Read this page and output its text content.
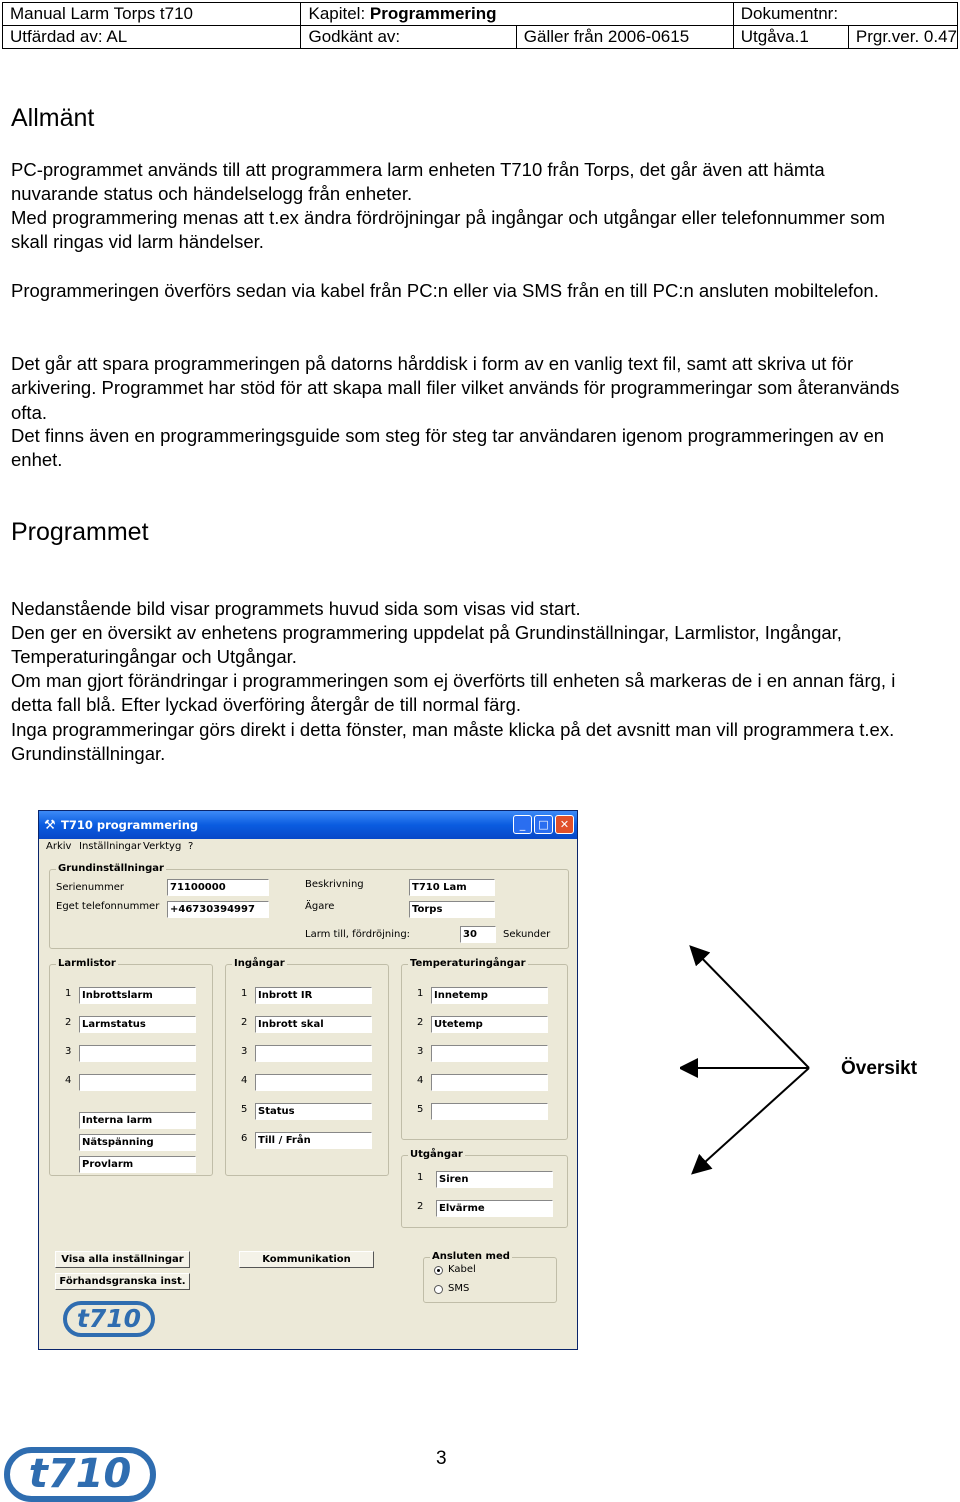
Manual Larm Torps t710	Kapitel: Programmering		Dokumentnr:	
Utfärdad av: AL	Godkänt av:	Gäller från 2006-0615	Utgåva.1	Prgr.ver. 0.47
Allmänt

PC-programmet används till att programmera larm enheten T710 från Torps, det går även att hämta nuvarande status och händelselogg från enheter.

Med programmering menas att t.ex ändra fördröjningar på ingångar och utgångar eller telefonnummer som skall ringas vid larm händelser.

Programmeringen överförs sedan via kabel från PC:n eller via SMS från en till PC:n ansluten mobiltelefon.

Det går att spara programmeringen på datorns hårddisk i form av en vanlig text fil, samt att skriva ut för arkivering. Programmet har stöd för att skapa mall filer vilket används för programmeringar som återanvänds ofta.

Det finns även en programmeringsguide som steg för steg tar användaren igenom programmeringen av en enhet.

Programmet

Nedanstående bild visar programmets huvud sida som visas vid start.

Den ger en översikt av enhetens programmering uppdelat på Grundinställningar, Larmlistor, Ingångar, Temperaturingångar och Utgångar.

Om man gjort förändringar i programmeringen som ej överförts till enheten så markeras de i en annan färg, i detta fall blå. Efter lyckad överföring återgår de till normal färg.

Inga programmeringar görs direkt i detta fönster, man måste klicka på det avsnitt man vill programmera t.ex. Grundinställningar.

⚒ T710 programmering	_	□	✕
Arkiv Inställningar Verktyg ?
Grundinställningar
Serienummer	71100000
Eget telefonnummer	+46730394997
Beskrivning	T710 Lam
Ägare	Torps
Larm till, fördröjning:	30	Sekunder
Larmlistor
1	Inbrottslarm
2	Larmstatus
3
4
Interna larm
Nätspänning
Provlarm
Ingångar
1	Inbrott IR
2	Inbrott skal
3
4
5	Status
6	Till / Från
Temperaturingångar
1	Innetemp
2	Utetemp
3
4
5
Utgångar
1	Siren
2	Elvärme
Visa alla inställningar
Förhandsgranska inst.
Kommunikation	Ansluten med
Kabel
SMS
t710
Översikt
t710	3
